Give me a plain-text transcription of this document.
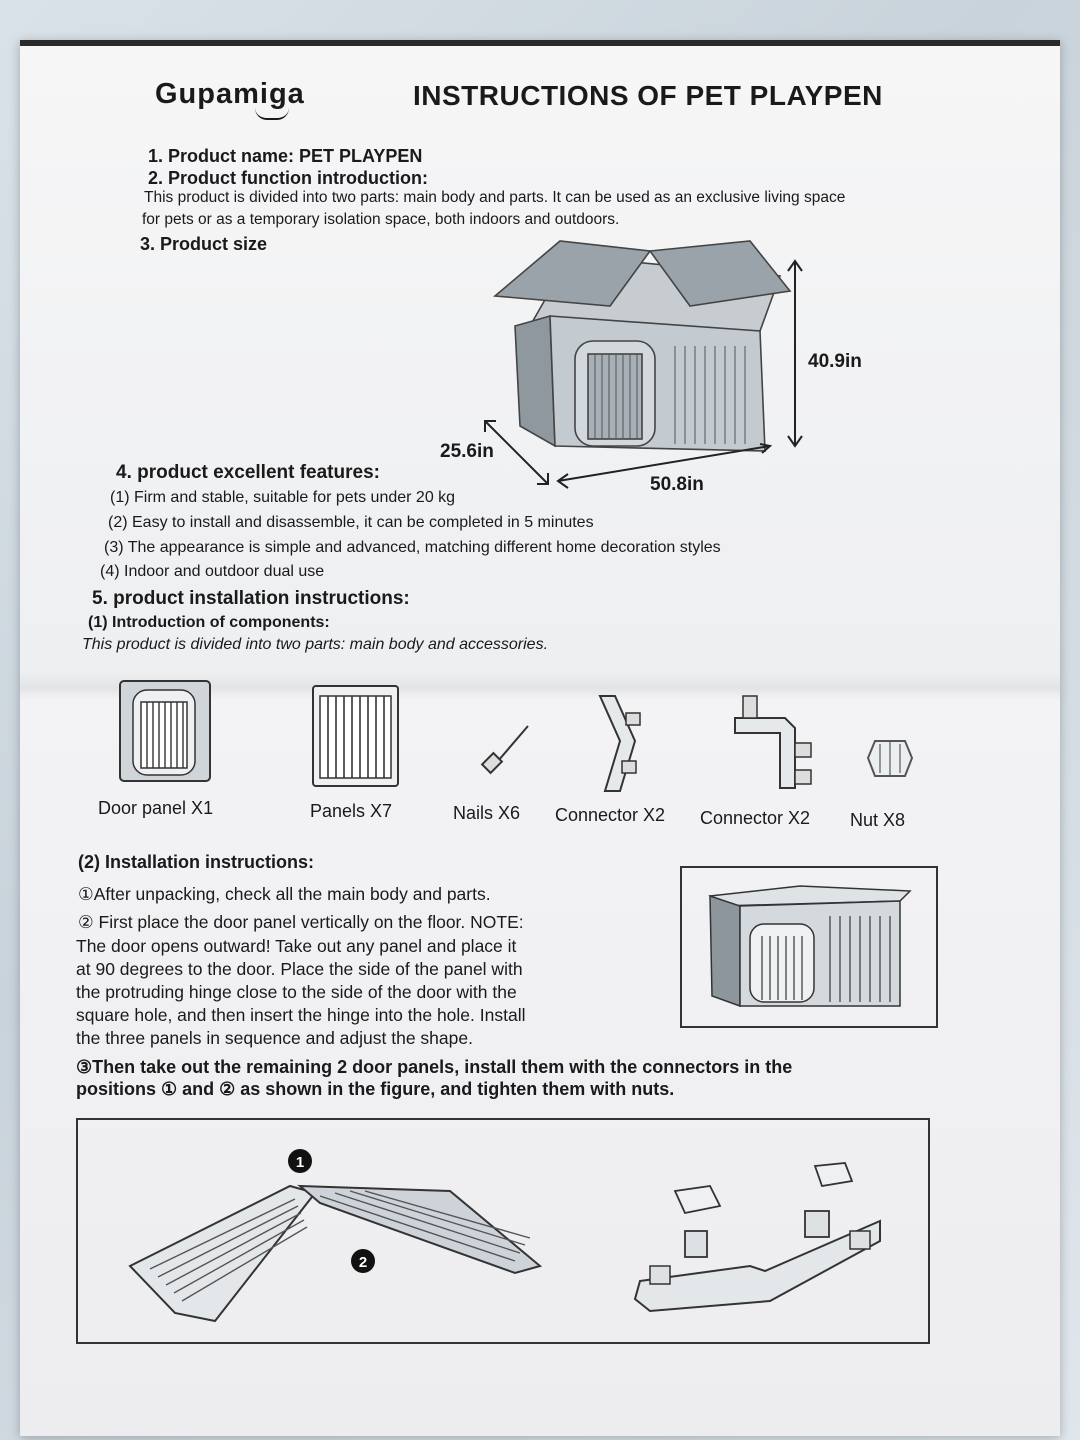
Gupamiga	INSTRUCTIONS OF PET PLAYPEN
1. Product name: PET PLAYPEN
2. Product function introduction:
This product is divided into two parts: main body and parts. It can be used as an exclusive living space
for pets or as a temporary isolation space, both indoors and outdoors.
3. Product size
40.9in
25.6in
50.8in
4. product excellent features:
(1) Firm and stable, suitable for pets under 20 kg
(2) Easy to install and disassemble, it can be completed in 5 minutes
(3) The appearance is simple and advanced, matching different home decoration styles
(4) Indoor and outdoor dual use
5. product installation instructions:
(1) Introduction of components:
This product is divided into two parts: main body and accessories.
Door panel X1	Panels X7	Nails X6 Connector X2 Connector X2 Nut X8
(2) Installation instructions:
①After unpacking, check all the main body and parts.
② First place the door panel vertically on the floor. NOTE:
The door opens outward! Take out any panel and place it
at 90 degrees to the door. Place the side of the panel with
the protruding hinge close to the side of the door with the
square hole, and then insert the hinge into the hole. Install
the three panels in sequence and adjust the shape.
③Then take out the remaining 2 door panels, install them with the connectors in the
positions ① and ② as shown in the figure, and tighten them with nuts.
1
2
